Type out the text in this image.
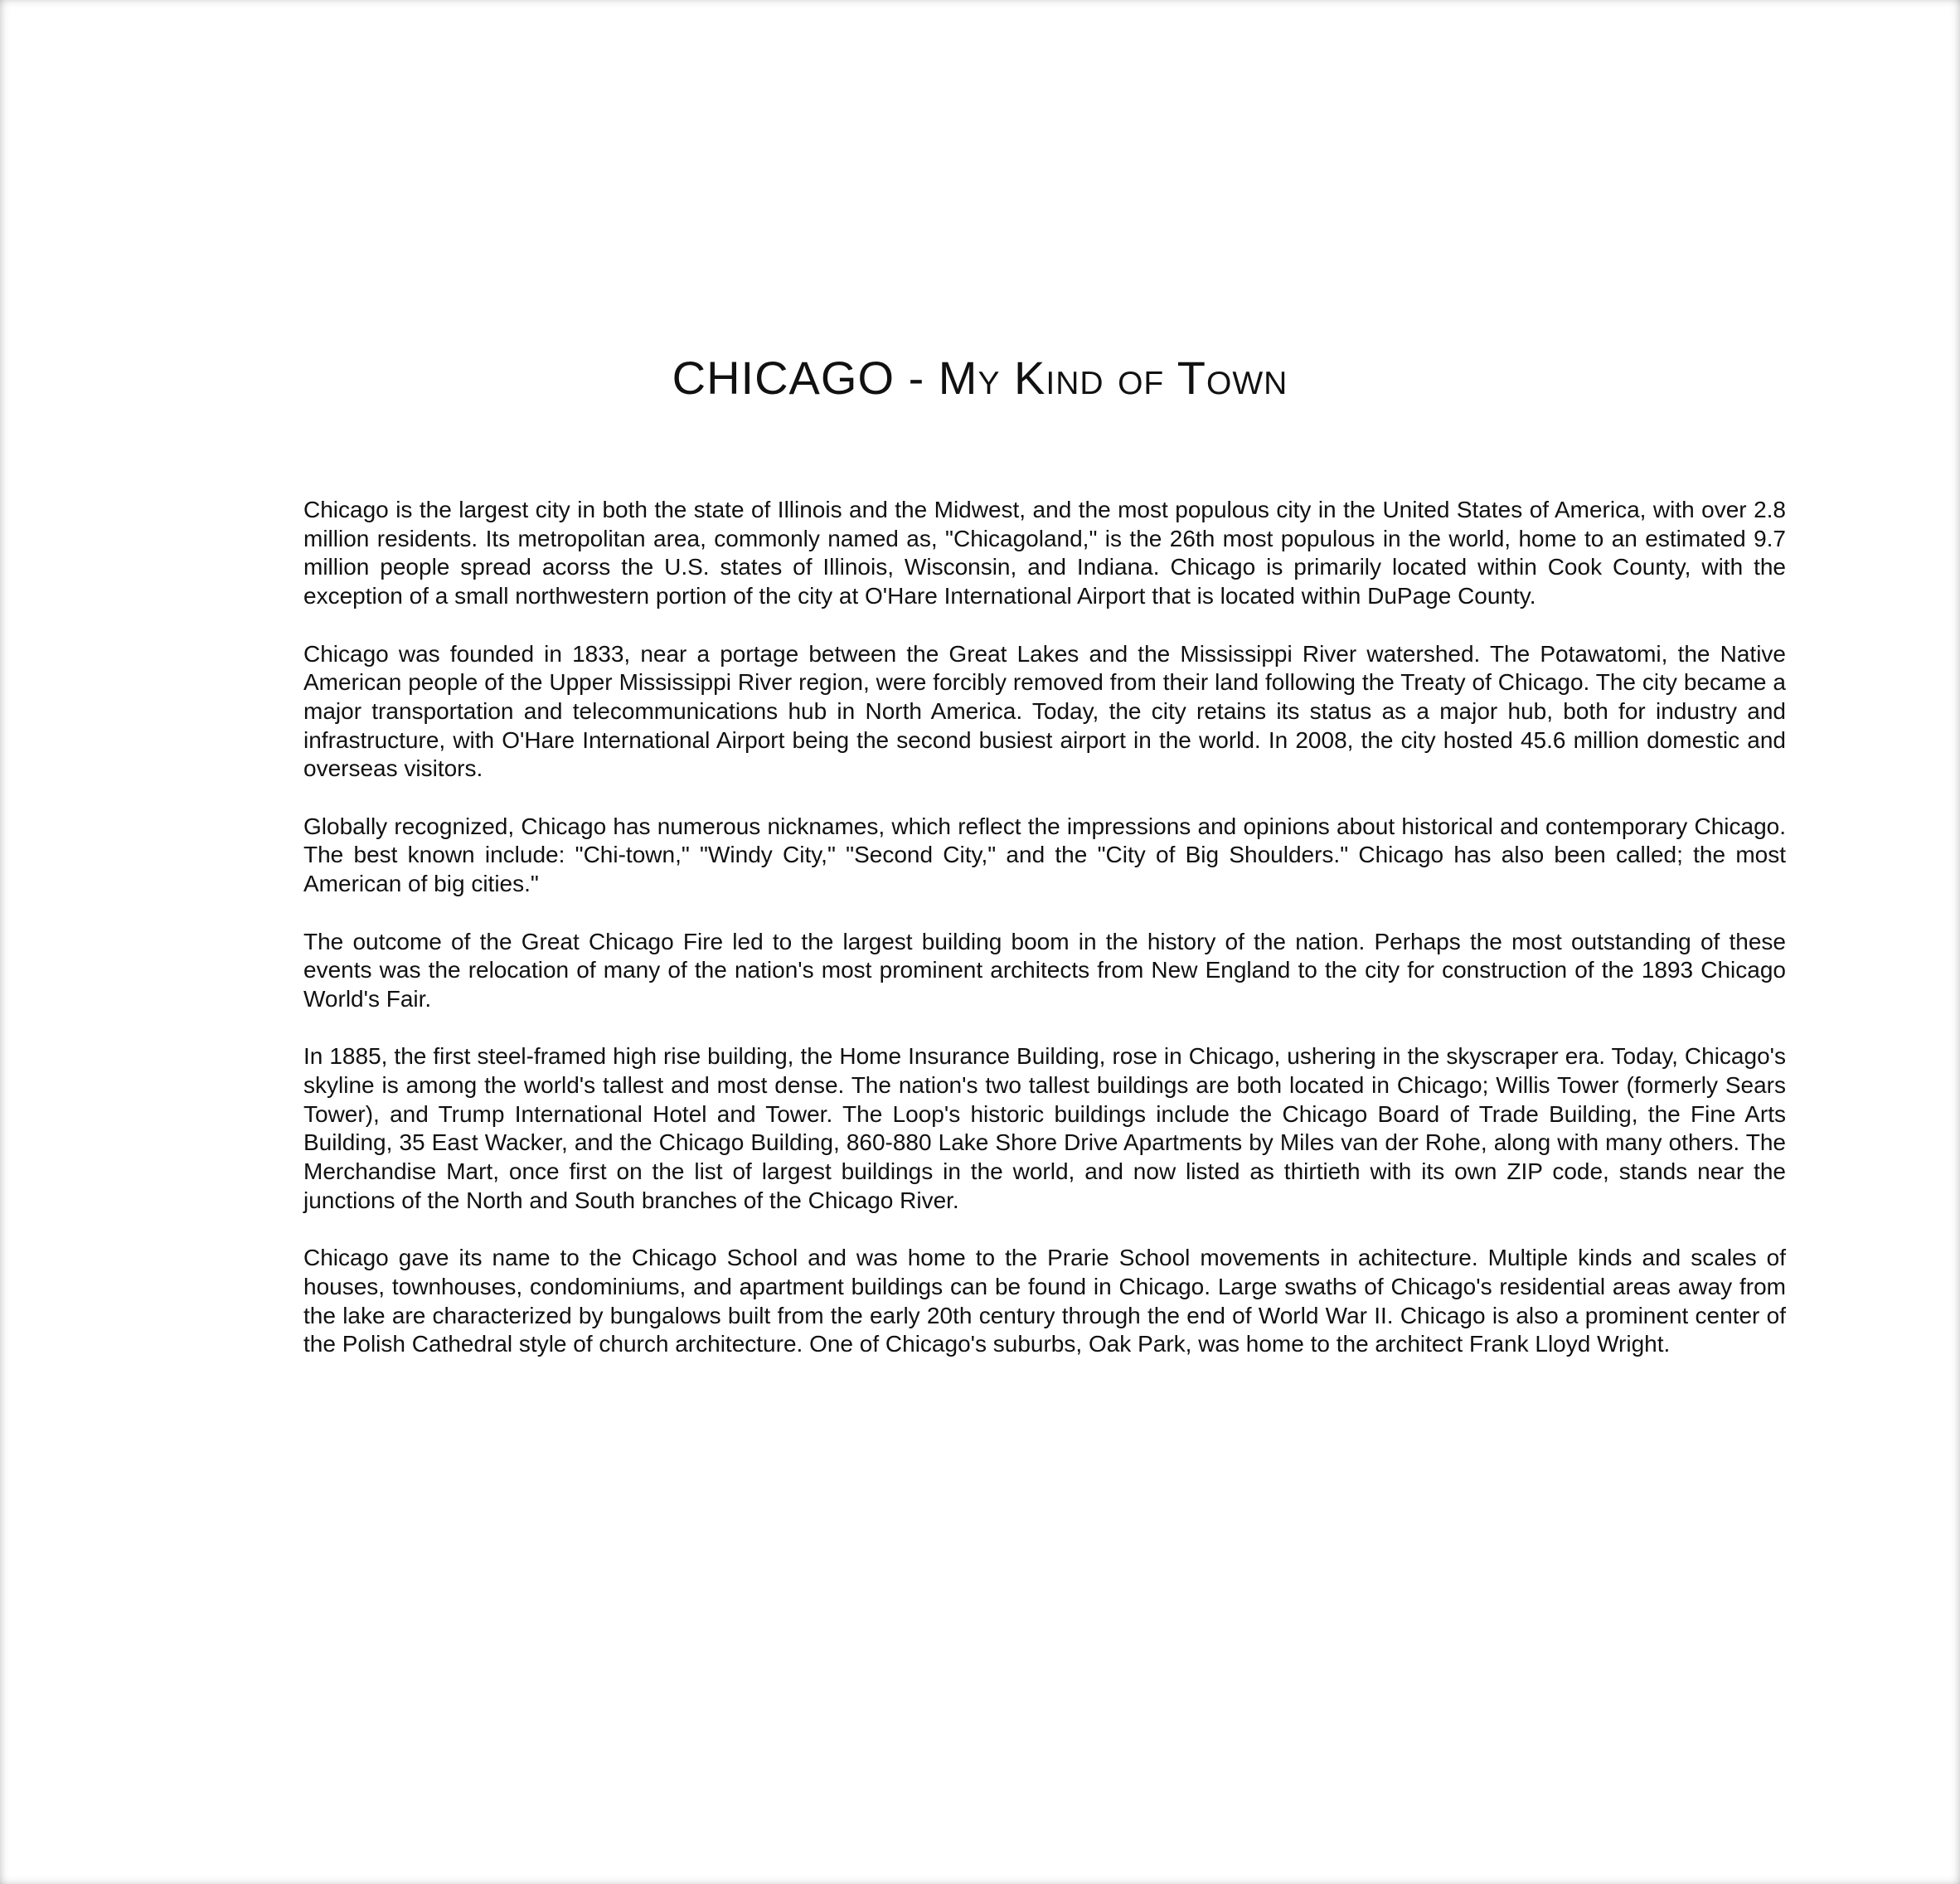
CHICAGO - My Kind of Town

Chicago is the largest city in both the state of Illinois and the Midwest, and the most populous city in the United States of America, with over 2.8 million residents. Its metropolitan area, commonly named as, "Chicagoland," is the 26th most populous in the world, home to an estimated 9.7 million people spread acorss the U.S. states of Illinois, Wisconsin, and Indiana. Chicago is primarily located within Cook County, with the exception of a small northwestern portion of the city at O'Hare International Airport that is located within DuPage County.

Chicago was founded in 1833, near a portage between the Great Lakes and the Mississippi River watershed. The Potawatomi, the Native American people of the Upper Mississippi River region, were forcibly removed from their land following the Treaty of Chicago. The city became a major transportation and telecommunications hub in North America. Today, the city retains its status as a major hub, both for industry and infrastructure, with O'Hare International Airport being the second busiest airport in the world. In 2008, the city hosted 45.6 million domestic and overseas visitors.

Globally recognized, Chicago has numerous nicknames, which reflect the impressions and opinions about historical and contemporary Chicago. The best known include: "Chi-town," "Windy City," "Second City," and the "City of Big Shoulders." Chicago has also been called; the most American of big cities."

The outcome of the Great Chicago Fire led to the largest building boom in the history of the nation. Perhaps the most outstanding of these events was the relocation of many of the nation's most prominent architects from New England to the city for construction of the 1893 Chicago World's Fair.

In 1885, the first steel-framed high rise building, the Home Insurance Building, rose in Chicago, ushering in the skyscraper era. Today, Chicago's skyline is among the world's tallest and most dense. The nation's two tallest buildings are both located in Chicago; Willis Tower (formerly Sears Tower), and Trump International Hotel and Tower. The Loop's historic buildings include the Chicago Board of Trade Building, the Fine Arts Building, 35 East Wacker, and the Chicago Building, 860-880 Lake Shore Drive Apartments by Miles van der Rohe, along with many others. The Merchandise Mart, once first on the list of largest buildings in the world, and now listed as thirtieth with its own ZIP code, stands near the junctions of the North and South branches of the Chicago River.

Chicago gave its name to the Chicago School and was home to the Prarie School movements in achitecture. Multiple kinds and scales of houses, townhouses, condominiums, and apartment buildings can be found in Chicago. Large swaths of Chicago's residential areas away from the lake are characterized by bungalows built from the early 20th century through the end of World War II. Chicago is also a prominent center of the Polish Cathedral style of church architecture. One of Chicago's suburbs, Oak Park, was home to the architect Frank Lloyd Wright.
